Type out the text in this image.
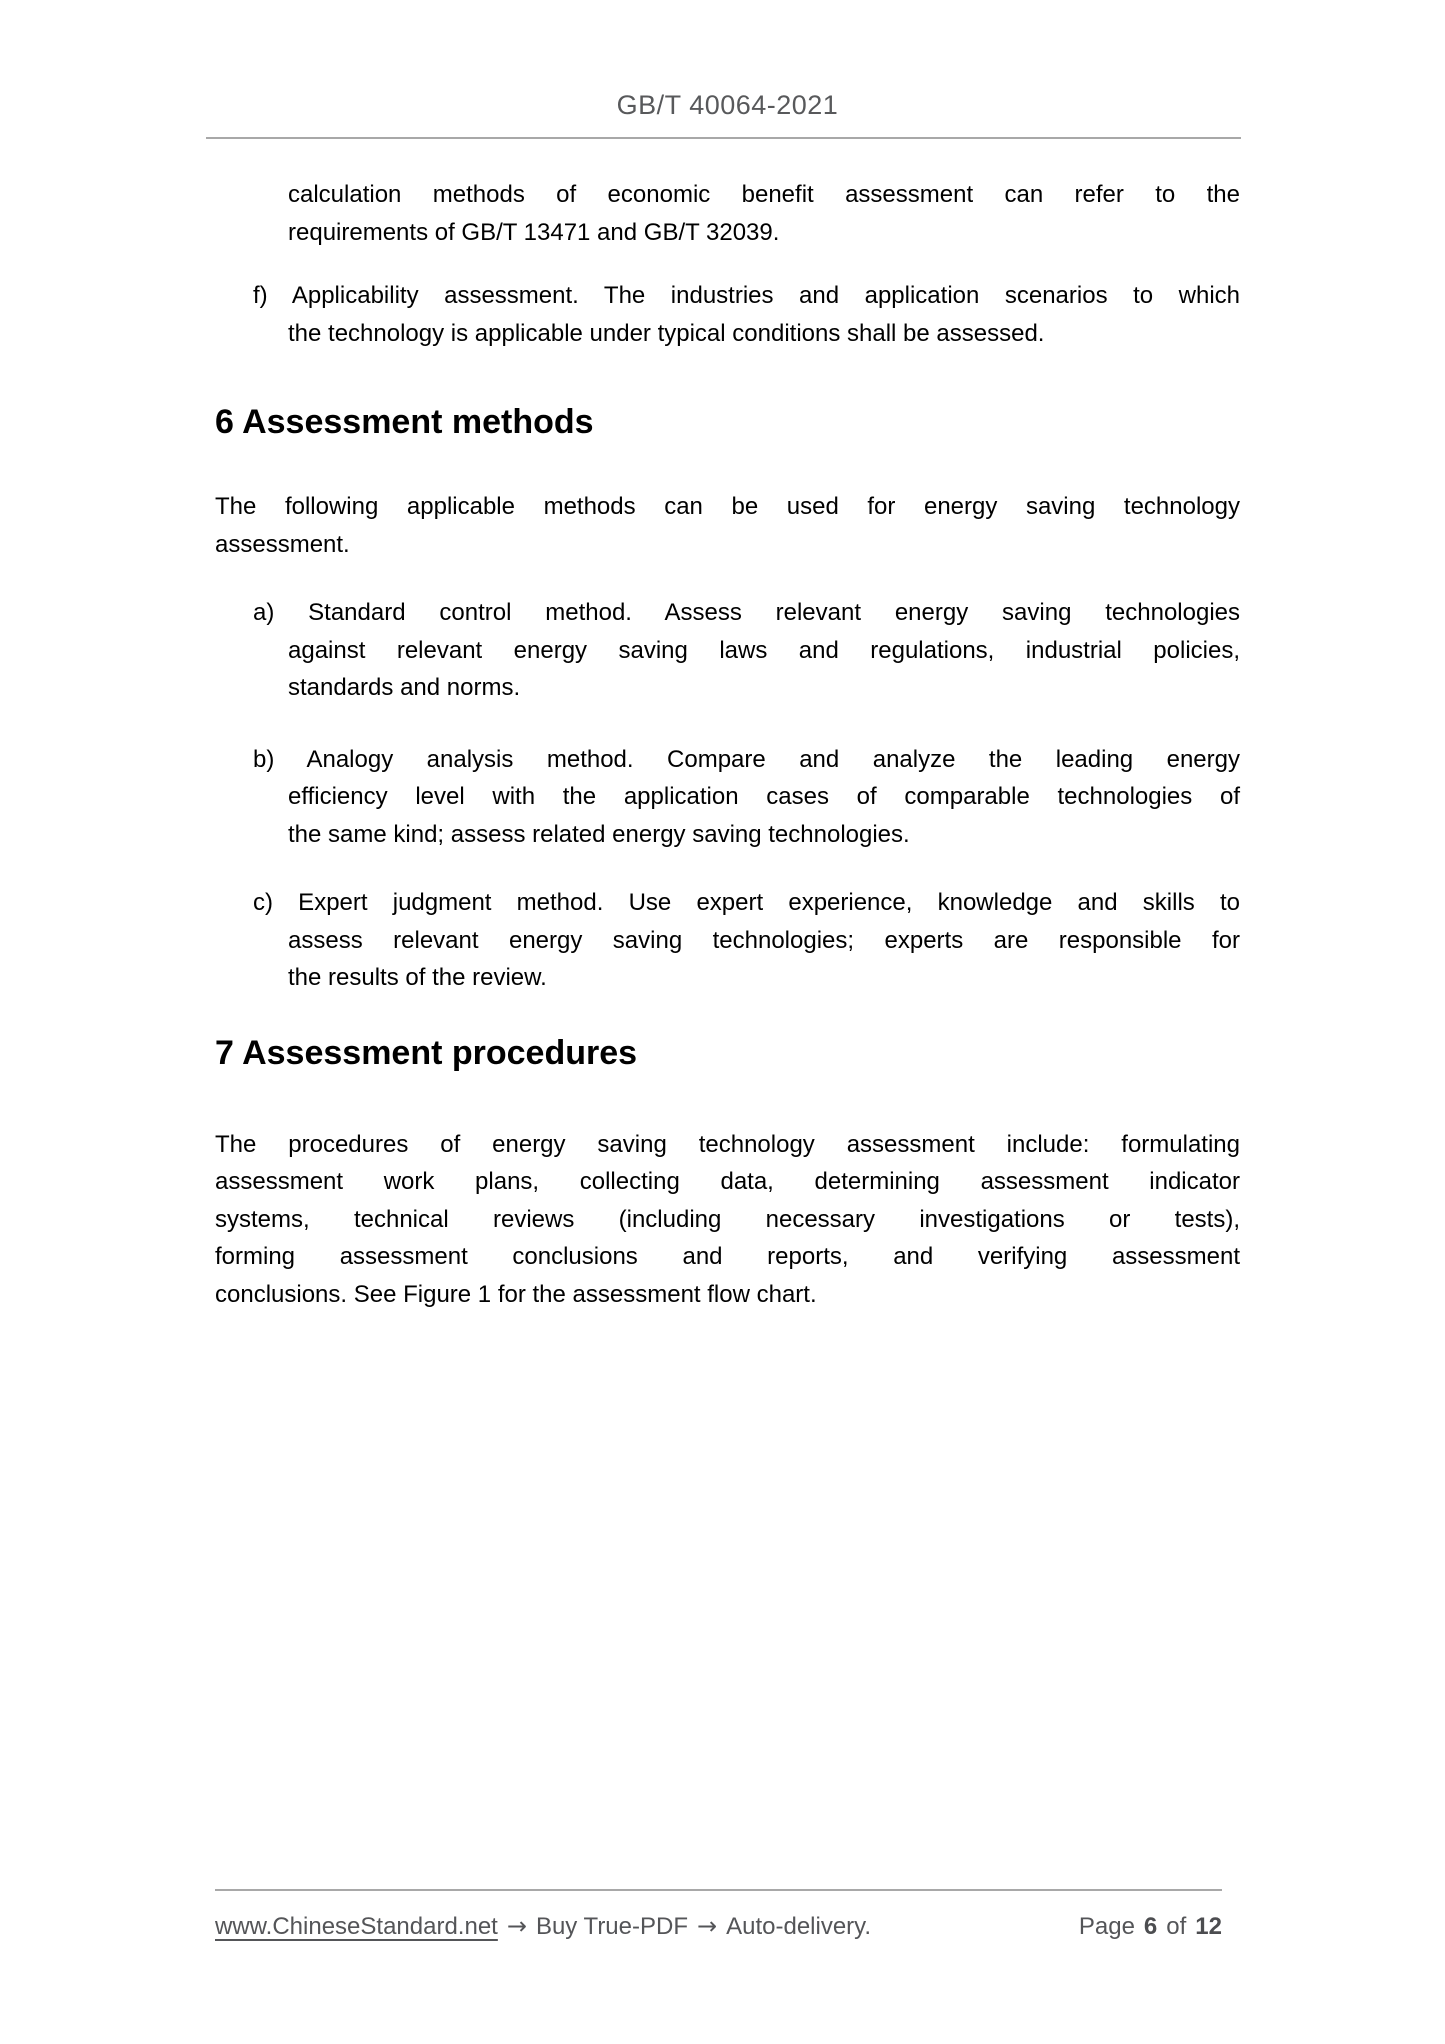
GB/T 40064-2021
calculation methods of economic benefit assessment can refer to the
requirements of GB/T 13471 and GB/T 32039.
f) Applicability assessment. The industries and application scenarios to which
the technology is applicable under typical conditions shall be assessed.
6 Assessment methods
The following applicable methods can be used for energy saving technology
assessment.
a) Standard control method. Assess relevant energy saving technologies
against relevant energy saving laws and regulations, industrial policies,
standards and norms.
b) Analogy analysis method. Compare and analyze the leading energy
efficiency level with the application cases of comparable technologies of
the same kind; assess related energy saving technologies.
c) Expert judgment method. Use expert experience, knowledge and skills to
assess relevant energy saving technologies; experts are responsible for
the results of the review.
7 Assessment procedures
The procedures of energy saving technology assessment include: formulating
assessment work plans, collecting data, determining assessment indicator
systems, technical reviews (including necessary investigations or tests),
forming assessment conclusions and reports, and verifying assessment
conclusions. See Figure 1 for the assessment flow chart.
www.ChineseStandard.net → Buy True-PDF → Auto-delivery.	Page 6 of 12
